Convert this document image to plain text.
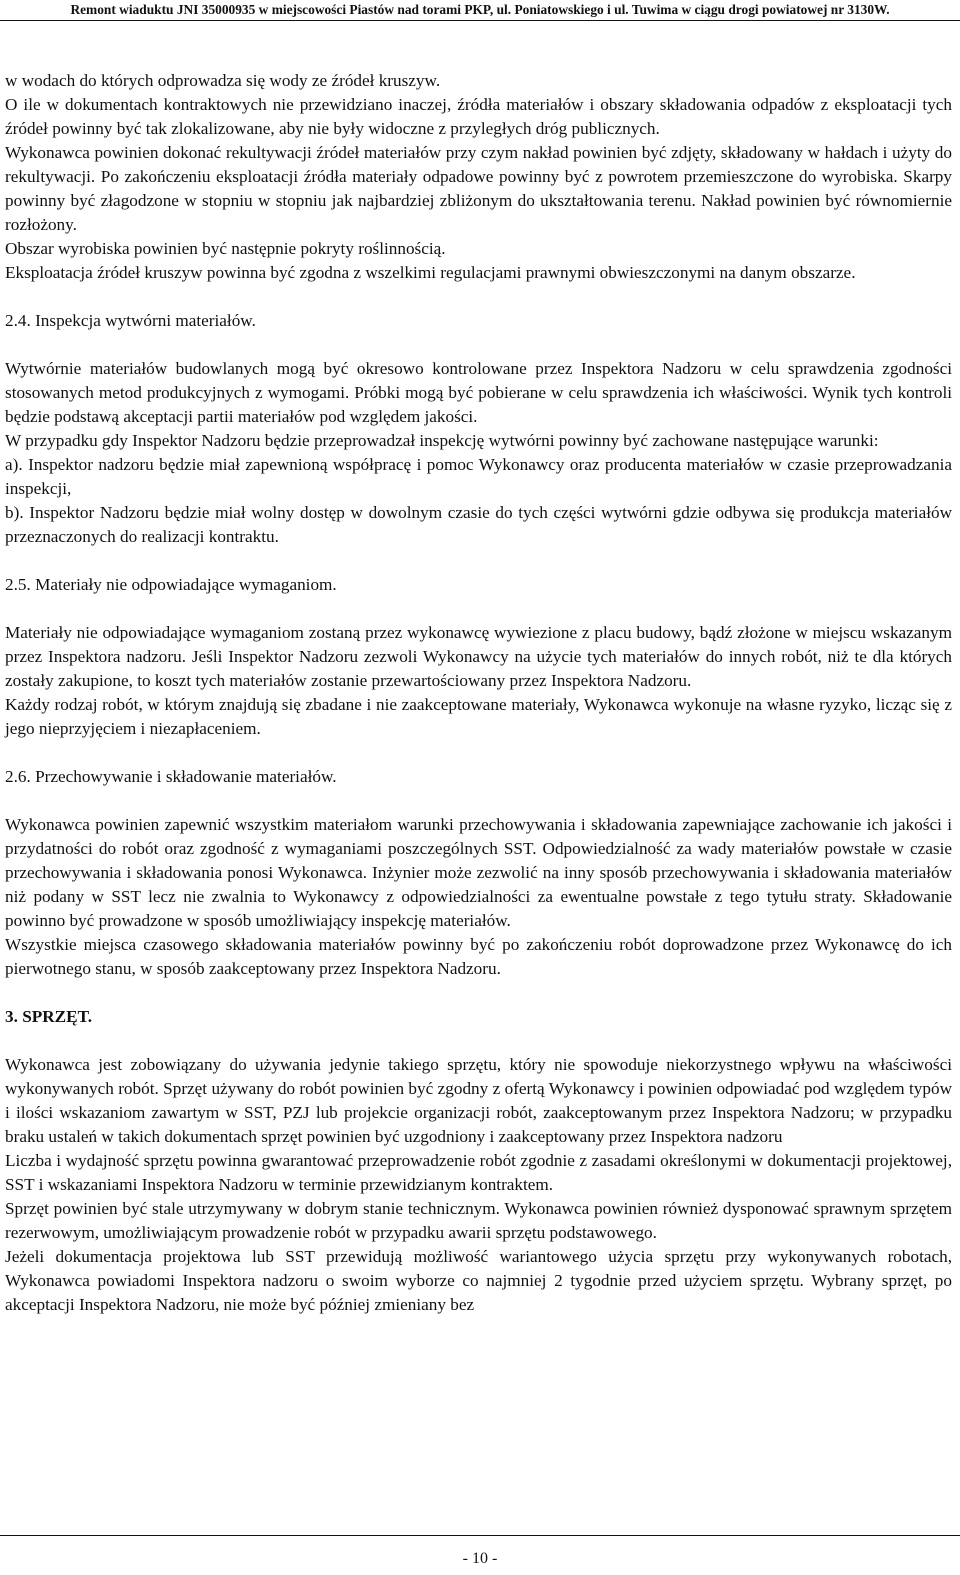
Remont wiaduktu JNI 35000935 w miejscowości Piastów nad torami PKP, ul. Poniatowskiego i ul. Tuwima w ciągu drogi powiatowej nr 3130W.

w wodach do których odprowadza się wody ze źródeł kruszyw.

O ile w dokumentach kontraktowych nie przewidziano inaczej, źródła materiałów i obszary składowania odpadów z eksploatacji tych źródeł powinny być tak zlokalizowane, aby nie były widoczne z przyległych dróg publicznych.

Wykonawca powinien dokonać rekultywacji źródeł materiałów przy czym nakład powinien być zdjęty, składowany w hałdach i użyty do rekultywacji. Po zakończeniu eksploatacji źródła materiały odpadowe powinny być z powrotem przemieszczone do wyrobiska. Skarpy powinny być złagodzone w stopniu w stopniu jak najbardziej zbliżonym do ukształtowania terenu. Nakład powinien być równomiernie rozłożony.

Obszar wyrobiska powinien być następnie pokryty roślinnością.

Eksploatacja źródeł kruszyw powinna być zgodna z wszelkimi regulacjami prawnymi obwieszczonymi na danym obszarze.

2.4. Inspekcja wytwórni materiałów.

Wytwórnie materiałów budowlanych mogą być okresowo kontrolowane przez Inspektora Nadzoru w celu sprawdzenia zgodności stosowanych metod produkcyjnych z wymogami. Próbki mogą być pobierane w celu sprawdzenia ich właściwości. Wynik tych kontroli będzie podstawą akceptacji partii materiałów pod względem jakości.

W przypadku gdy Inspektor Nadzoru będzie przeprowadzał inspekcję wytwórni powinny być zachowane następujące warunki:

a). Inspektor nadzoru będzie miał zapewnioną współpracę i pomoc Wykonawcy oraz producenta materiałów w czasie przeprowadzania inspekcji,

b). Inspektor Nadzoru będzie miał wolny dostęp w dowolnym czasie do tych części wytwórni gdzie odbywa się produkcja materiałów przeznaczonych do realizacji kontraktu.

2.5. Materiały nie odpowiadające wymaganiom.

Materiały nie odpowiadające wymaganiom zostaną przez wykonawcę wywiezione z placu budowy, bądź złożone w miejscu wskazanym przez Inspektora nadzoru. Jeśli Inspektor Nadzoru zezwoli Wykonawcy na użycie tych materiałów do innych robót, niż te dla których zostały zakupione, to koszt tych materiałów zostanie przewartościowany przez Inspektora Nadzoru.

Każdy rodzaj robót, w którym znajdują się zbadane i nie zaakceptowane materiały, Wykonawca wykonuje na własne ryzyko, licząc się z jego nieprzyjęciem i niezapłaceniem.

2.6. Przechowywanie i składowanie materiałów.

Wykonawca powinien zapewnić wszystkim materiałom warunki przechowywania i składowania zapewniające zachowanie ich jakości i przydatności do robót oraz zgodność z wymaganiami poszczególnych SST. Odpowiedzialność za wady materiałów powstałe w czasie przechowywania i składowania ponosi Wykonawca. Inżynier może zezwolić na inny sposób przechowywania i składowania materiałów niż podany w SST lecz nie zwalnia to Wykonawcy z odpowiedzialności za ewentualne powstałe z tego tytułu straty. Składowanie powinno być prowadzone w sposób umożliwiający inspekcję materiałów.

Wszystkie miejsca czasowego składowania materiałów powinny być po zakończeniu robót doprowadzone przez Wykonawcę do ich pierwotnego stanu, w sposób zaakceptowany przez Inspektora Nadzoru.

3. SPRZĘT.

Wykonawca jest zobowiązany do używania jedynie takiego sprzętu, który nie spowoduje niekorzystnego wpływu na właściwości wykonywanych robót. Sprzęt używany do robót powinien być zgodny z ofertą Wykonawcy i powinien odpowiadać pod względem typów i ilości wskazaniom zawartym w SST, PZJ lub projekcie organizacji robót, zaakceptowanym przez Inspektora Nadzoru; w przypadku braku ustaleń w takich dokumentach sprzęt powinien być uzgodniony i zaakceptowany przez Inspektora nadzoru

Liczba i wydajność sprzętu powinna gwarantować przeprowadzenie robót zgodnie z zasadami określonymi w dokumentacji projektowej, SST i wskazaniami Inspektora Nadzoru w terminie przewidzianym kontraktem.

Sprzęt powinien być stale utrzymywany w dobrym stanie technicznym. Wykonawca powinien również dysponować sprawnym sprzętem rezerwowym, umożliwiającym prowadzenie robót w przypadku awarii sprzętu podstawowego.

Jeżeli dokumentacja projektowa lub SST przewidują możliwość wariantowego użycia sprzętu przy wykonywanych robotach, Wykonawca powiadomi Inspektora nadzoru o swoim wyborze co najmniej 2 tygodnie przed użyciem sprzętu. Wybrany sprzęt, po akceptacji Inspektora Nadzoru, nie może być później zmieniany bez

- 10 -
